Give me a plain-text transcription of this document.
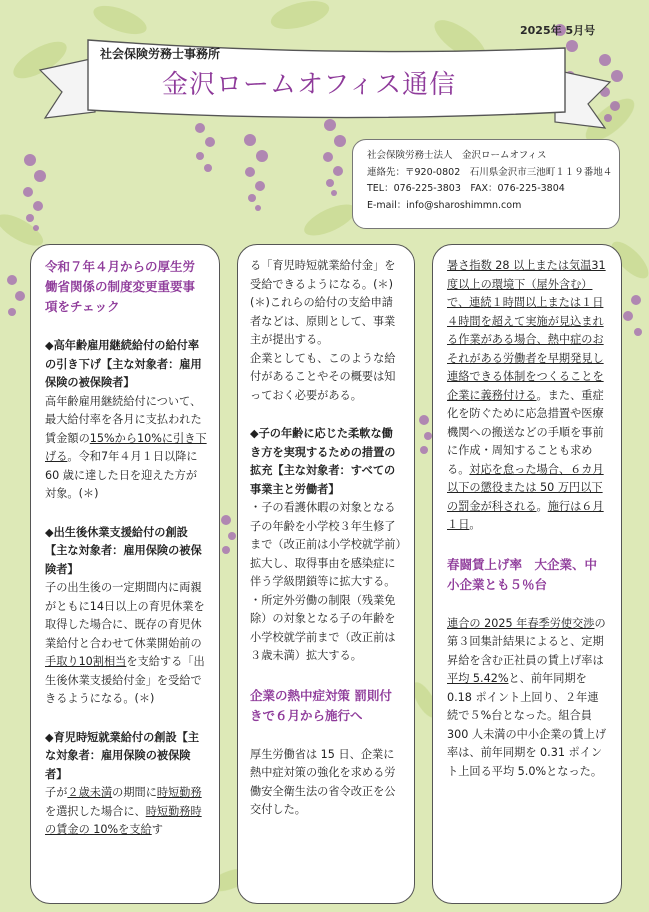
2025年 5月号
社会保険労務士事務所
金沢ロームオフィス通信
社会保険労務士法人　金沢ロームオフィス
連絡先：〒920-0802　石川県金沢市三池町１１９番地４
TEL：076-225-3803　FAX：076-225-3804
E-mail：info@sharoshimmn.com
令和７年４月からの厚生労働省関係の制度変更重要事項をチェック
◆高年齢雇用継続給付の給付率の引き下げ【主な対象者：雇用保険の被保険者】

高年齢雇用継続給付について、最大給付率を各月に支払われた賃金額の15%から10%に引き下げる。令和7年４月１日以降に 60 歳に達した日を迎えた方が対象。(＊)

◆出生後休業支援給付の創設【主な対象者：雇用保険の被保険者】

子の出生後の一定期間内に両親がともに14日以上の育児休業を取得した場合に、既存の育児休業給付と合わせて休業開始前の手取り10割相当を支給する「出生後休業支援給付金」を受給できるようになる。(＊)

◆育児時短就業給付の創設【主な対象者：雇用保険の被保険者】

子が２歳未満の期間に時短勤務を選択した場合に、時短勤務時の賃金の 10%を支給す

る「育児時短就業給付金」を受給できるようになる。(＊)

(＊)これらの給付の支給申請者などは、原則として、事業主が提出する。

企業としても、このような給付があることやその概要は知っておく必要がある。

◆子の年齢に応じた柔軟な働き方を実現するための措置の拡充【主な対象者：すべての事業主と労働者】

・子の看護休暇の対象となる子の年齢を小学校３年生修了まで（改正前は小学校就学前）拡大し、取得事由を感染症に伴う学級閉鎖等に拡大する。

・所定外労働の制限（残業免除）の対象となる子の年齢を小学校就学前まで（改正前は３歳未満）拡大する。

企業の熱中症対策 罰則付きで６月から施行へ

厚生労働省は 15 日、企業に熱中症対策の強化を求める労働安全衛生法の省令改正を公交付した。

暑さ指数 28 以上または気温31 度以上の環境下（屋外含む）で、連続１時間以上または１日４時間を超えて実施が見込まれる作業がある場合、熱中症のおそれがある労働者を早期発見し連絡できる体制をつくることを企業に義務付ける。また、重症化を防ぐために応急措置や医療機関への搬送などの手順を事前に作成・周知することも求める。対応を怠った場合、６カ月以下の懲役または 50 万円以下の罰金が科される。施行は６月１日。

春闘賃上げ率　大企業、中小企業とも５％台

連合の 2025 年春季労使交渉の第３回集計結果によると、定期昇給を含む正社員の賃上げ率は平均 5.42%と、前年同期を 0.18 ポイント上回り、２年連続で５%台となった。組合員 300 人未満の中小企業の賃上げ率は、前年同期を 0.31 ポイント上回る平均 5.0%となった。
